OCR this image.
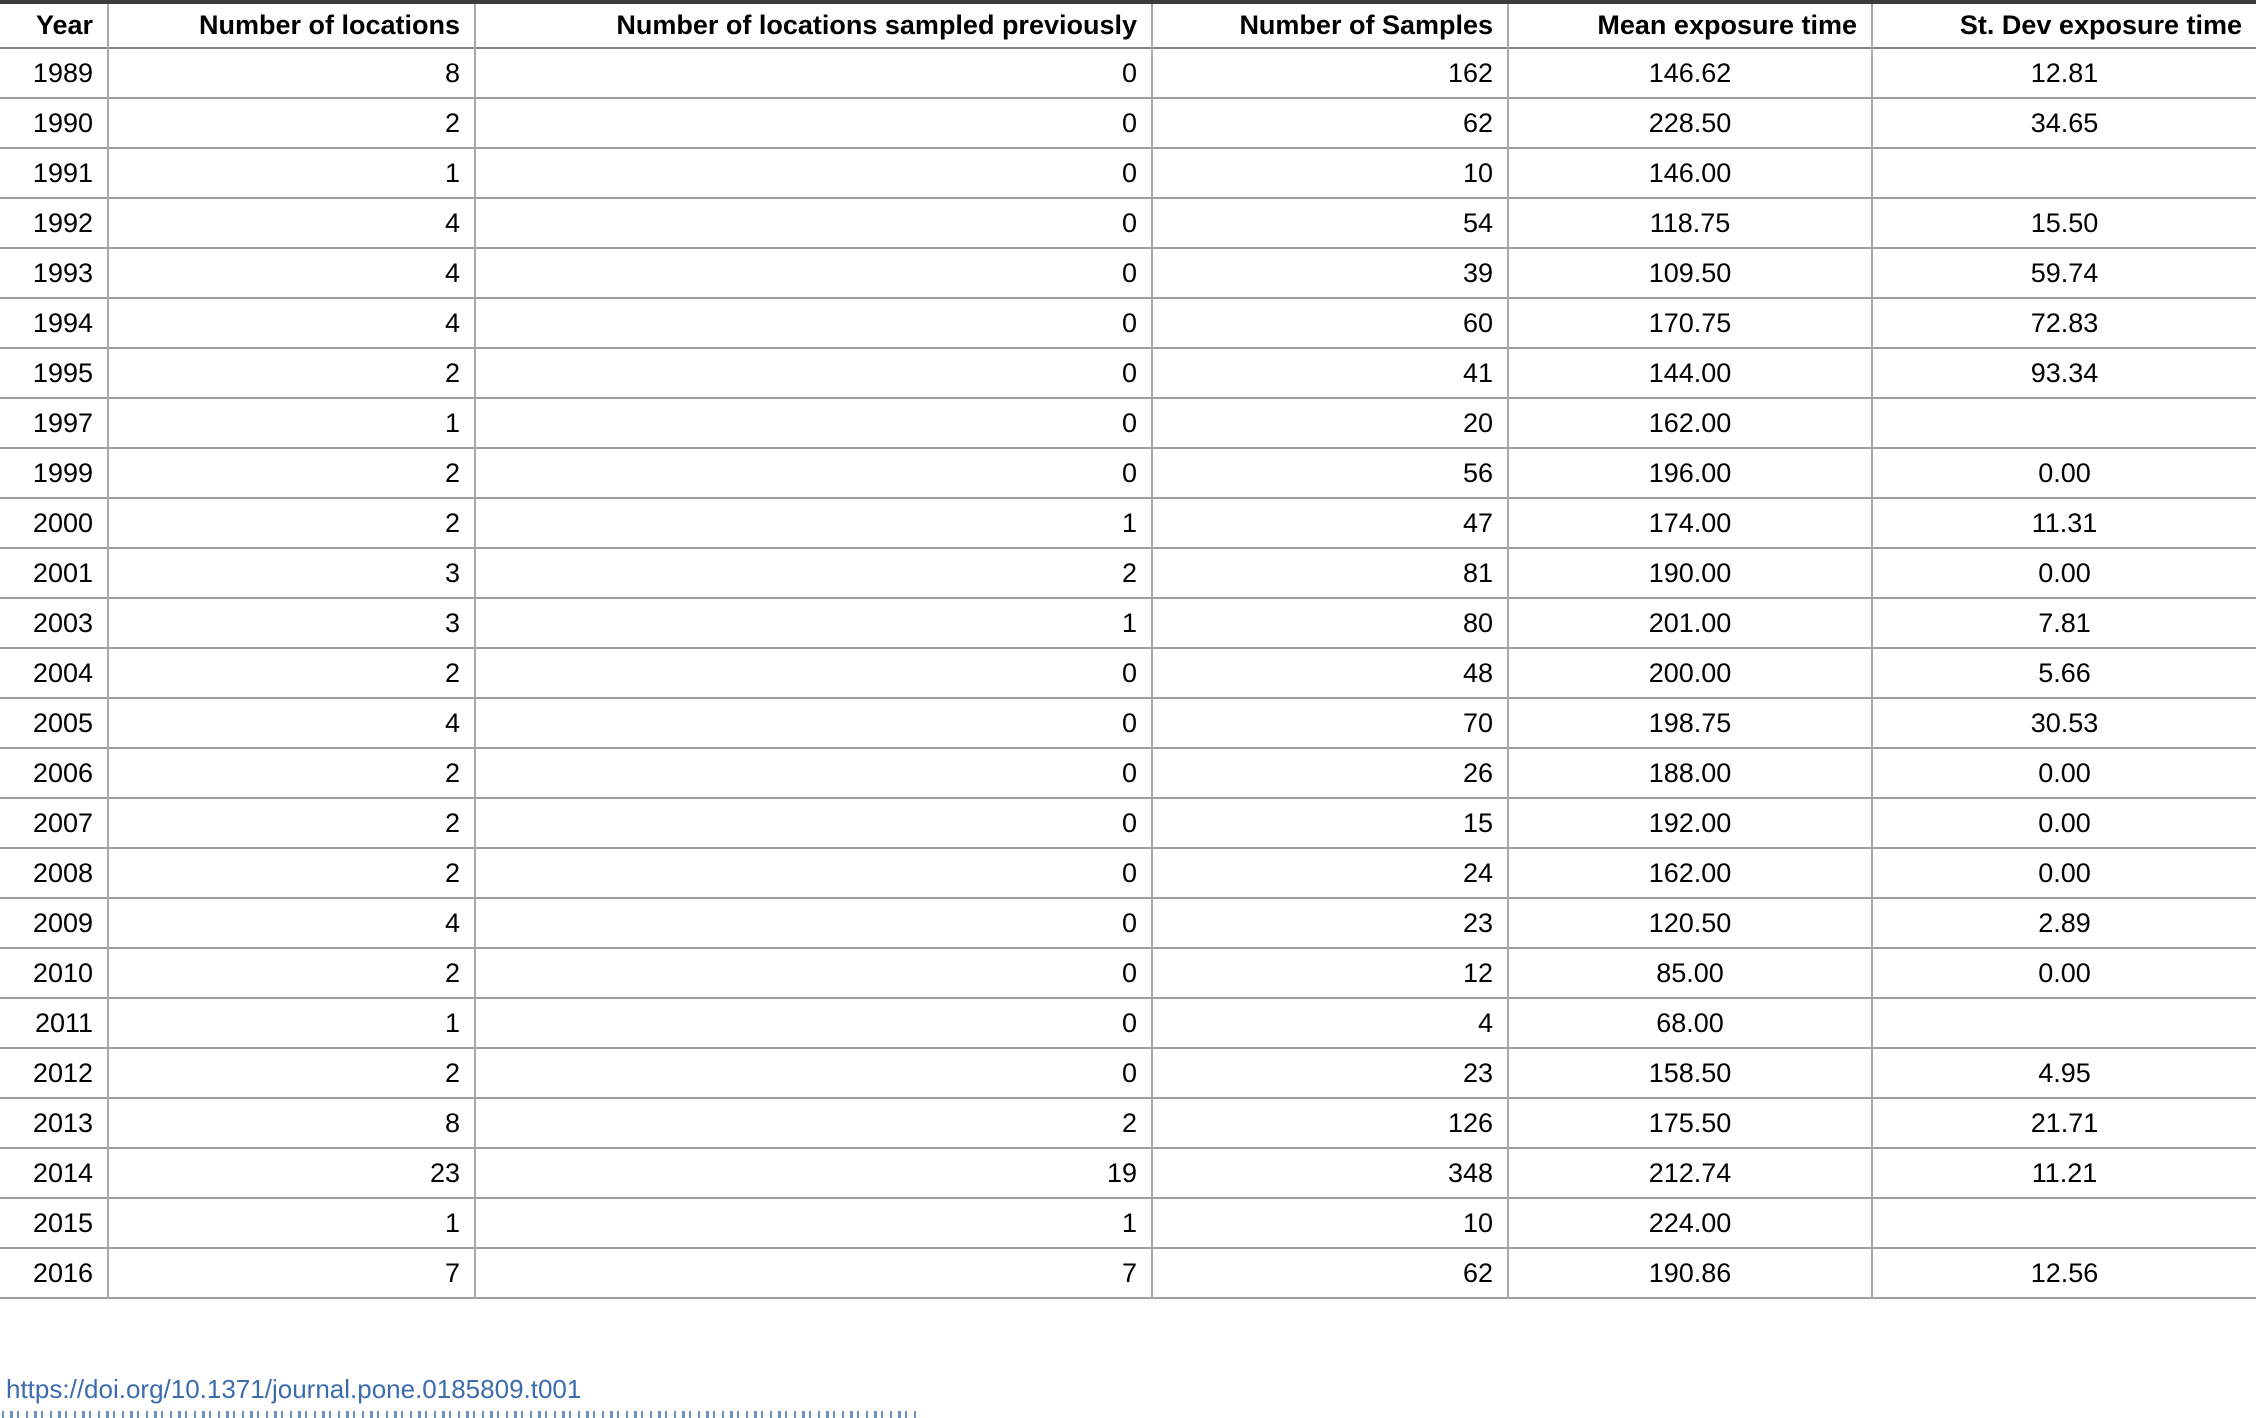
Year	Number of locations	Number of locations sampled previously	Number of Samples	Mean exposure time	St. Dev exposure time
1989	8	0	162	146.62	12.81
1990	2	0	62	228.50	34.65
1991	1	0	10	146.00	
1992	4	0	54	118.75	15.50
1993	4	0	39	109.50	59.74
1994	4	0	60	170.75	72.83
1995	2	0	41	144.00	93.34
1997	1	0	20	162.00	
1999	2	0	56	196.00	0.00
2000	2	1	47	174.00	11.31
2001	3	2	81	190.00	0.00
2003	3	1	80	201.00	7.81
2004	2	0	48	200.00	5.66
2005	4	0	70	198.75	30.53
2006	2	0	26	188.00	0.00
2007	2	0	15	192.00	0.00
2008	2	0	24	162.00	0.00
2009	4	0	23	120.50	2.89
2010	2	0	12	85.00	0.00
2011	1	0	4	68.00	
2012	2	0	23	158.50	4.95
2013	8	2	126	175.50	21.71
2014	23	19	348	212.74	11.21
2015	1	1	10	224.00	
2016	7	7	62	190.86	12.56
https://doi.org/10.1371/journal.pone.0185809.t001
